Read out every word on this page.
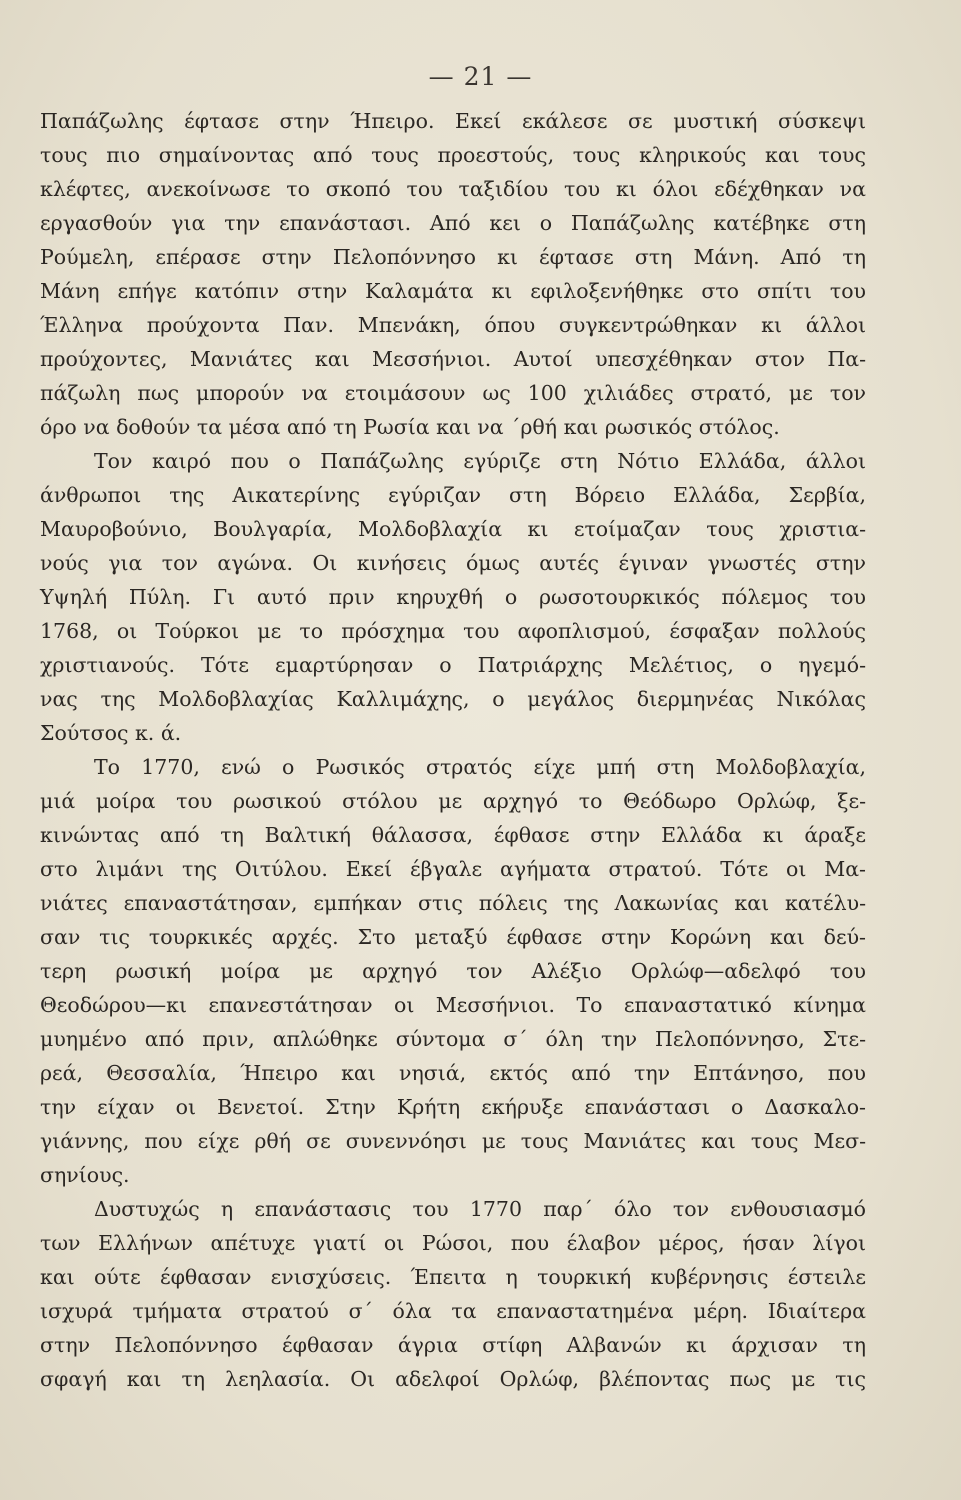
— 21 —
Παπάζωλης έφτασε στην Ήπειρο. Εκεί εκάλεσε σε μυστική σύσκεψι
τους πιο σημαίνοντας από τους προεστούς, τους κληρικούς και τους
κλέφτες, ανεκοίνωσε το σκοπό του ταξιδίου του κι όλοι εδέχθηκαν να
εργασθούν για την επανάστασι. Από κει ο Παπάζωλης κατέβηκε στη
Ρούμελη, επέρασε στην Πελοπόννησο κι έφτασε στη Μάνη. Από τη
Μάνη επήγε κατόπιν στην Καλαμάτα κι εφιλοξενήθηκε στο σπίτι του
Έλληνα προύχοντα Παν. Μπενάκη, όπου συγκεντρώθηκαν κι άλλοι
προύχοντες, Μανιάτες και Μεσσήνιοι. Αυτοί υπεσχέθηκαν στον Πα-
πάζωλη πως μπορούν να ετοιμάσουν ως 100 χιλιάδες στρατό, με τον
όρο να δοθούν τα μέσα από τη Ρωσία και να ΄ρθή και ρωσικός στόλος.
Τον καιρό που ο Παπάζωλης εγύριζε στη Νότιο Ελλάδα, άλλοι
άνθρωποι της Αικατερίνης εγύριζαν στη Βόρειο Ελλάδα, Σερβία,
Μαυροβούνιο, Βουλγαρία, Μολδοβλαχία κι ετοίμαζαν τους χριστια-
νούς για τον αγώνα. Οι κινήσεις όμως αυτές έγιναν γνωστές στην
Υψηλή Πύλη. Γι αυτό πριν κηρυχθή ο ρωσοτουρκικός πόλεμος του
1768, οι Τούρκοι με το πρόσχημα του αφοπλισμού, έσφαξαν πολλούς
χριστιανούς. Τότε εμαρτύρησαν ο Πατριάρχης Μελέτιος, ο ηγεμό-
νας της Μολδοβλαχίας Καλλιμάχης, ο μεγάλος διερμηνέας Νικόλας
Σούτσος κ. ά.
Το 1770, ενώ ο Ρωσικός στρατός είχε μπή στη Μολδοβλαχία,
μιά μοίρα του ρωσικού στόλου με αρχηγό το Θεόδωρο Ορλώφ, ξε-
κινώντας από τη Βαλτική θάλασσα, έφθασε στην Ελλάδα κι άραξε
στο λιμάνι της Οιτύλου. Εκεί έβγαλε αγήματα στρατού. Τότε οι Μα-
νιάτες επαναστάτησαν, εμπήκαν στις πόλεις της Λακωνίας και κατέλυ-
σαν τις τουρκικές αρχές. Στο μεταξύ έφθασε στην Κορώνη και δεύ-
τερη ρωσική μοίρα με αρχηγό τον Αλέξιο Ορλώφ—αδελφό του
Θεοδώρου—κι επανεστάτησαν οι Μεσσήνιοι. Το επαναστατικό κίνημα
μυημένο από πριν, απλώθηκε σύντομα σ΄ όλη την Πελοπόννησο, Στε-
ρεά, Θεσσαλία, Ήπειρο και νησιά, εκτός από την Επτάνησο, που
την είχαν οι Βενετοί. Στην Κρήτη εκήρυξε επανάστασι ο Δασκαλο-
γιάννης, που είχε ρθή σε συνεννόησι με τους Μανιάτες και τους Μεσ-
σηνίους.
Δυστυχώς η επανάστασις του 1770 παρ΄ όλο τον ενθουσιασμό
των Ελλήνων απέτυχε γιατί οι Ρώσοι, που έλαβον μέρος, ήσαν λίγοι
και ούτε έφθασαν ενισχύσεις. Έπειτα η τουρκική κυβέρνησις έστειλε
ισχυρά τμήματα στρατού σ΄ όλα τα επαναστατημένα μέρη. Ιδιαίτερα
στην Πελοπόννησο έφθασαν άγρια στίφη Αλβανών κι άρχισαν τη
σφαγή και τη λεηλασία. Οι αδελφοί Ορλώφ, βλέποντας πως με τις
